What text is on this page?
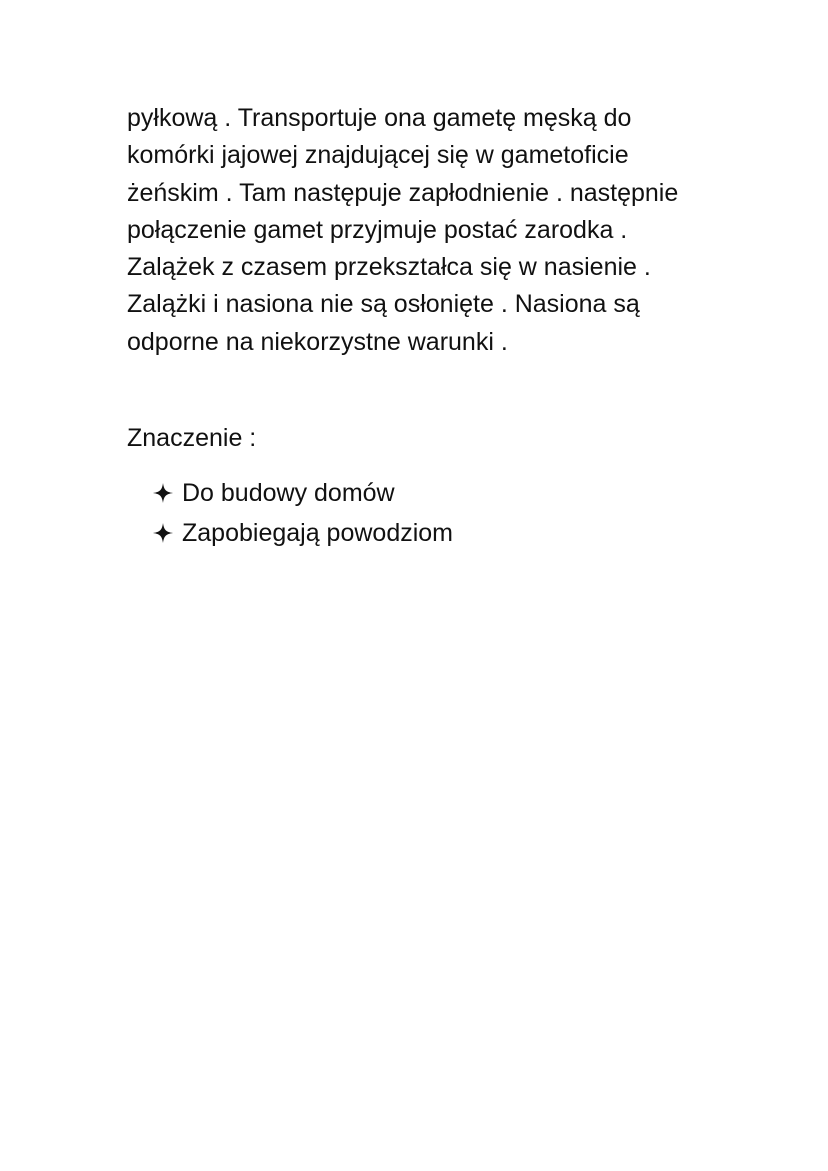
pyłkową . Transportuje ona gametę męską do
komórki jajowej znajdującej się w gametoficie
żeńskim . Tam następuje zapłodnienie . następnie
połączenie gamet przyjmuje postać zarodka .
Zalążek z czasem przekształca się w nasienie .
Zalążki i nasiona nie są osłonięte . Nasiona są
odporne na niekorzystne warunki .
Znaczenie :
Do budowy domów
Zapobiegają powodziom
